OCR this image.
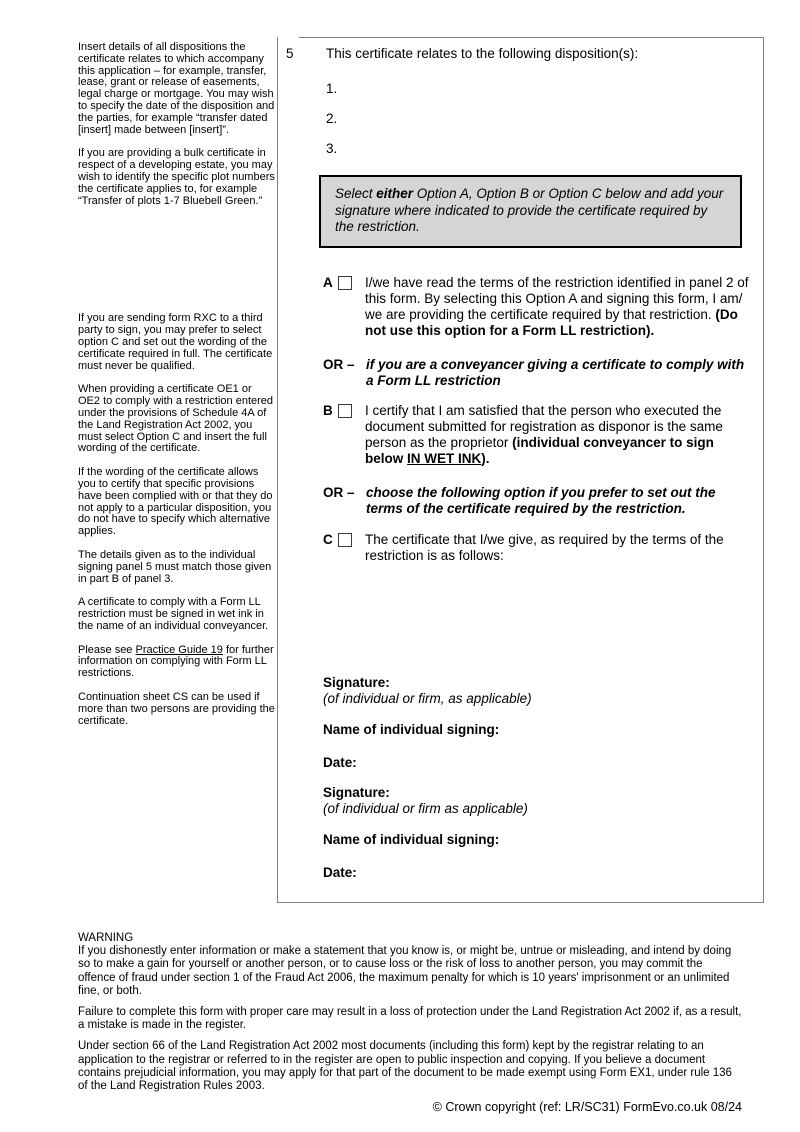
Insert details of all dispositions the certificate relates to which accompany this application – for example, transfer, lease, grant or release of easements, legal charge or mortgage. You may wish to specify the date of the disposition and the parties, for example “transfer dated [insert] made between [insert]”.

If you are providing a bulk certificate in respect of a developing estate, you may wish to identify the specific plot numbers the certificate applies to, for example “Transfer of plots 1-7 Bluebell Green.”

If you are sending form RXC to a third party to sign, you may prefer to select option C and set out the wording of the certificate required in full. The certificate must never be qualified.

When providing a certificate OE1 or OE2 to comply with a restriction entered under the provisions of Schedule 4A of the Land Registration Act 2002, you must select Option C and insert the full wording of the certificate.

If the wording of the certificate allows you to certify that specific provisions have been complied with or that they do not apply to a particular disposition, you do not have to specify which alternative applies.

The details given as to the individual signing panel 5 must match those given in part B of panel 3.

A certificate to comply with a Form LL restriction must be signed in wet ink in the name of an individual conveyancer.

Please see Practice Guide 19 for further information on complying with Form LL restrictions.

Continuation sheet CS can be used if more than two persons are providing the certificate.

5 This certificate relates to the following disposition(s):

1.

2.

3.

Select either Option A, Option B or Option C below and add your signature where indicated to provide the certificate required by the restriction.
A	I/we have read the terms of the restriction identified in panel 2 of this form. By selecting this Option A and signing this form, I am/ we are providing the certificate required by that restriction. (Do not use this option for a Form LL restriction).

OR – if you are a conveyancer giving a certificate to comply with a Form LL restriction

B	I certify that I am satisfied that the person who executed the document submitted for registration as disponor is the same person as the proprietor (individual conveyancer to sign below IN WET INK).

OR – choose the following option if you prefer to set out the terms of the certificate required by the restriction.

C	The certificate that I/we give, as required by the terms of the restriction is as follows:

Signature:

(of individual or firm, as applicable)

Name of individual signing:

Date:

Signature:

(of individual or firm as applicable)

Name of individual signing:

Date:

WARNING

If you dishonestly enter information or make a statement that you know is, or might be, untrue or misleading, and intend by doing so to make a gain for yourself or another person, or to cause loss or the risk of loss to another person, you may commit the offence of fraud under section 1 of the Fraud Act 2006, the maximum penalty for which is 10 years' imprisonment or an unlimited fine, or both.

Failure to complete this form with proper care may result in a loss of protection under the Land Registration Act 2002 if, as a result, a mistake is made in the register.

Under section 66 of the Land Registration Act 2002 most documents (including this form) kept by the registrar relating to an application to the registrar or referred to in the register are open to public inspection and copying. If you believe a document contains prejudicial information, you may apply for that part of the document to be made exempt using Form EX1, under rule 136 of the Land Registration Rules 2003.

© Crown copyright (ref: LR/SC31) FormEvo.co.uk 08/24
